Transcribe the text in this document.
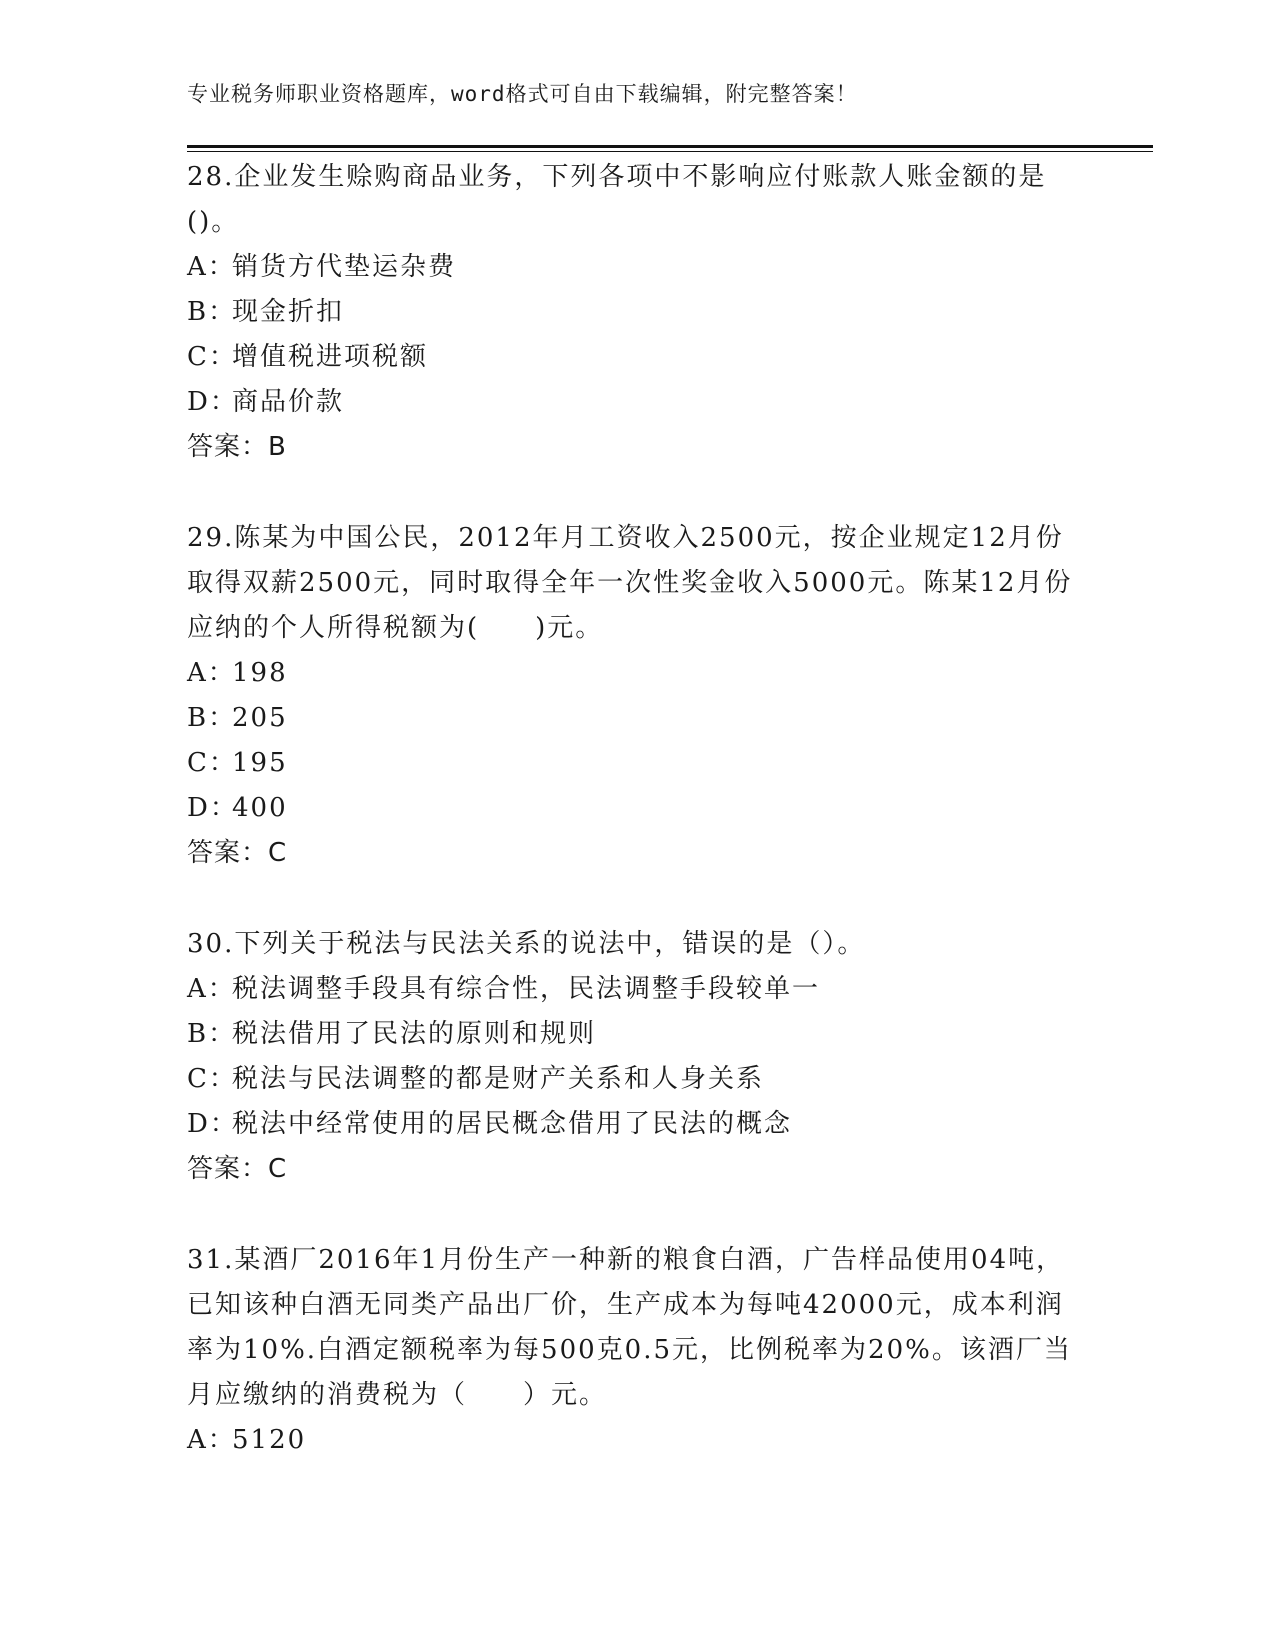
专业税务师职业资格题库，word格式可自由下载编辑，附完整答案！

28.企业发生赊购商品业务，下列各项中不影响应付账款人账金额的是()。

A：销货方代垫运杂费

B：现金折扣

C：增值税进项税额

D：商品价款

答案：B

29.陈某为中国公民，2012年月工资收入2500元，按企业规定12月份取得双薪2500元，同时取得全年一次性奖金收入5000元。陈某12月份应纳的个人所得税额为(　　)元。

A：198

B：205

C：195

D：400

答案：C

30.下列关于税法与民法关系的说法中，错误的是（）。

A：税法调整手段具有综合性，民法调整手段较单一

B：税法借用了民法的原则和规则

C：税法与民法调整的都是财产关系和人身关系

D：税法中经常使用的居民概念借用了民法的概念

答案：C

31.某酒厂2016年1月份生产一种新的粮食白酒，广告样品使用04吨，已知该种白酒无同类产品出厂价，生产成本为每吨42000元，成本利润率为10%.白酒定额税率为每500克0.5元，比例税率为20%。该酒厂当月应缴纳的消费税为（　　）元。

A：5120
